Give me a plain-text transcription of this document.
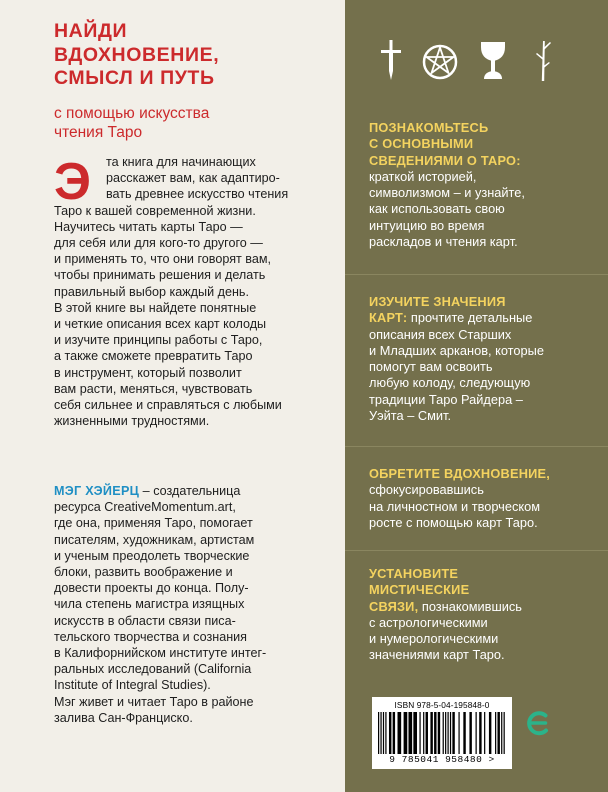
НАЙДИ
ВДОХНОВЕНИЕ,
СМЫСЛ И ПУТЬ
с помощью искусства
чтения Таро
Э	та книга для начинающих
расскажет вам, как адаптиро-
вать древнее искусство чтения
Таро к вашей современной жизни.
Научитесь читать карты Таро —
для себя или для кого-то другого —
и применять то, что они говорят вам,
чтобы принимать решения и делать
правильный выбор каждый день.
В этой книге вы найдете понятные
и четкие описания всех карт колоды
и изучите принципы работы с Таро,
а также сможете превратить Таро
в инструмент, который позволит
вам расти, меняться, чувствовать
себя сильнее и справляться с любыми
жизненными трудностями.
МЭГ ХЭЙЕРЦ – создательница
ресурса CreativeMomentum.art,
где она, применяя Таро, помогает
писателям, художникам, артистам
и ученым преодолеть творческие
блоки, развить воображение и
довести проекты до конца. Полу-
чила степень магистра изящных
искусств в области связи писа-
тельского творчества и сознания
в Калифорнийском институте интег-
ральных исследований (California
Institute of Integral Studies).
Мэг живет и читает Таро в районе
залива Сан-Франциско.
ПОЗНАКОМЬТЕСЬ
С ОСНОВНЫМИ
СВЕДЕНИЯМИ О ТАРО:
краткой историей,
символизмом – и узнайте,
как использовать свою
интуицию во время
раскладов и чтения карт.
ИЗУЧИТЕ ЗНАЧЕНИЯ
КАРТ: прочтите детальные
описания всех Старших
и Младших арканов, которые
помогут вам освоить
любую колоду, следующую
традиции Таро Райдера –
Уэйта – Смит.
ОБРЕТИТЕ ВДОХНОВЕНИЕ,
сфокусировавшись
на личностном и творческом
росте с помощью карт Таро.
УСТАНОВИТЕ
МИСТИЧЕСКИЕ
СВЯЗИ, познакомившись
с астрологическими
и нумерологическими
значениями карт Таро.
ISBN 978-5-04-195848-0
9 785041 958480 >
